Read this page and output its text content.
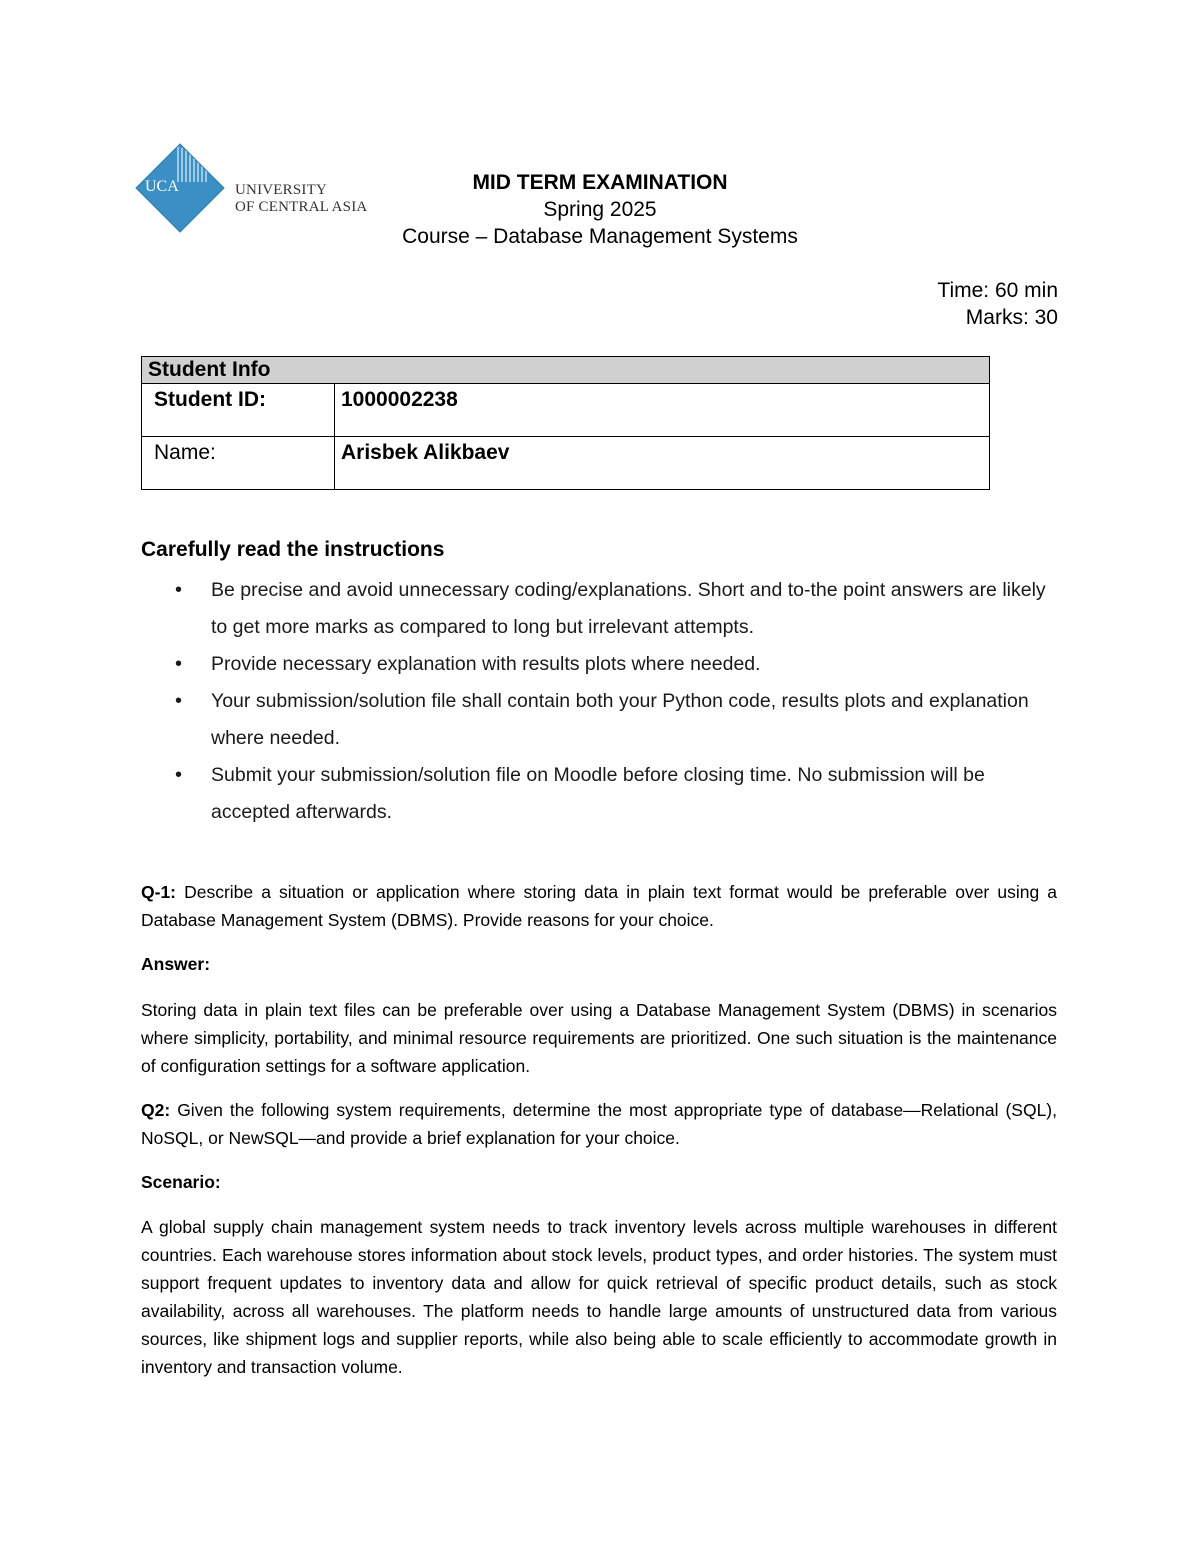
UCA	UNIVERSITY
OF CENTRAL ASIA
MID TERM EXAMINATION
Spring 2025
Course – Database Management Systems
Time: 60 min
Marks: 30
Student Info	
Student ID:	1000002238
Name:	Arisbek Alikbaev
Carefully read the instructions
• Be precise and avoid unnecessary coding/explanations. Short and to-the point answers are likely to get more marks as compared to long but irrelevant attempts.
• Provide necessary explanation with results plots where needed.
• Your submission/solution file shall contain both your Python code, results plots and explanation where needed.
• Submit your submission/solution file on Moodle before closing time. No submission will be accepted afterwards.
Q-1: Describe a situation or application where storing data in plain text format would be preferable over using a Database Management System (DBMS). Provide reasons for your choice.
Answer:
Storing data in plain text files can be preferable over using a Database Management System (DBMS) in scenarios where simplicity, portability, and minimal resource requirements are prioritized. One such situation is the maintenance of configuration settings for a software application.
Q2: Given the following system requirements, determine the most appropriate type of database—Relational (SQL), NoSQL, or NewSQL—and provide a brief explanation for your choice.
Scenario:
A global supply chain management system needs to track inventory levels across multiple warehouses in different countries. Each warehouse stores information about stock levels, product types, and order histories. The system must support frequent updates to inventory data and allow for quick retrieval of specific product details, such as stock availability, across all warehouses. The platform needs to handle large amounts of unstructured data from various sources, like shipment logs and supplier reports, while also being able to scale efficiently to accommodate growth in inventory and transaction volume.
